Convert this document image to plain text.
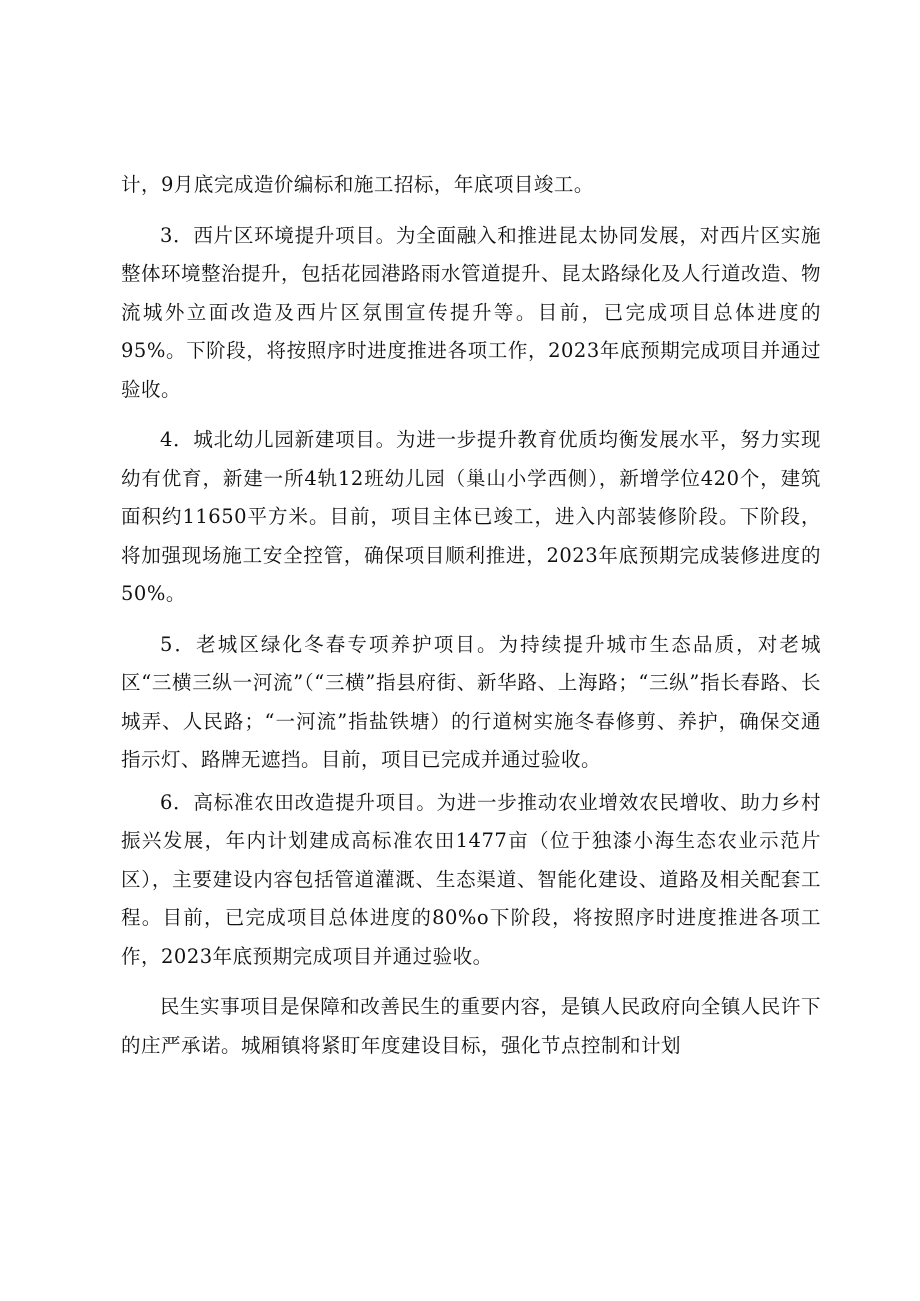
计，9月底完成造价编标和施工招标，年底项目竣工。

3．西片区环境提升项目。为全面融入和推进昆太协同发展，对西片区实施整体环境整治提升，包括花园港路雨水管道提升、昆太路绿化及人行道改造、物流城外立面改造及西片区氛围宣传提升等。目前，已完成项目总体进度的95%。下阶段，将按照序时进度推进各项工作，2023年底预期完成项目并通过验收。

4．城北幼儿园新建项目。为进一步提升教育优质均衡发展水平，努力实现幼有优育，新建一所4轨12班幼儿园（巢山小学西侧），新增学位420个，建筑面积约11650平方米。目前，项目主体已竣工，进入内部装修阶段。下阶段，将加强现场施工安全控管，确保项目顺利推进，2023年底预期完成装修进度的50%。

5．老城区绿化冬春专项养护项目。为持续提升城市生态品质，对老城区“三横三纵一河流”（“三横”指县府街、新华路、上海路；“三纵”指长春路、长城弄、人民路；“一河流”指盐铁塘）的行道树实施冬春修剪、养护，确保交通指示灯、路牌无遮挡。目前，项目已完成并通过验收。

6．高标准农田改造提升项目。为进一步推动农业增效农民增收、助力乡村振兴发展，年内计划建成高标准农田1477亩（位于独漆小海生态农业示范片区），主要建设内容包括管道灌溉、生态渠道、智能化建设、道路及相关配套工程。目前，已完成项目总体进度的80%o下阶段，将按照序时进度推进各项工作，2023年底预期完成项目并通过验收。

民生实事项目是保障和改善民生的重要内容，是镇人民政府向全镇人民许下的庄严承诺。城厢镇将紧盯年度建设目标，强化节点控制和计划
